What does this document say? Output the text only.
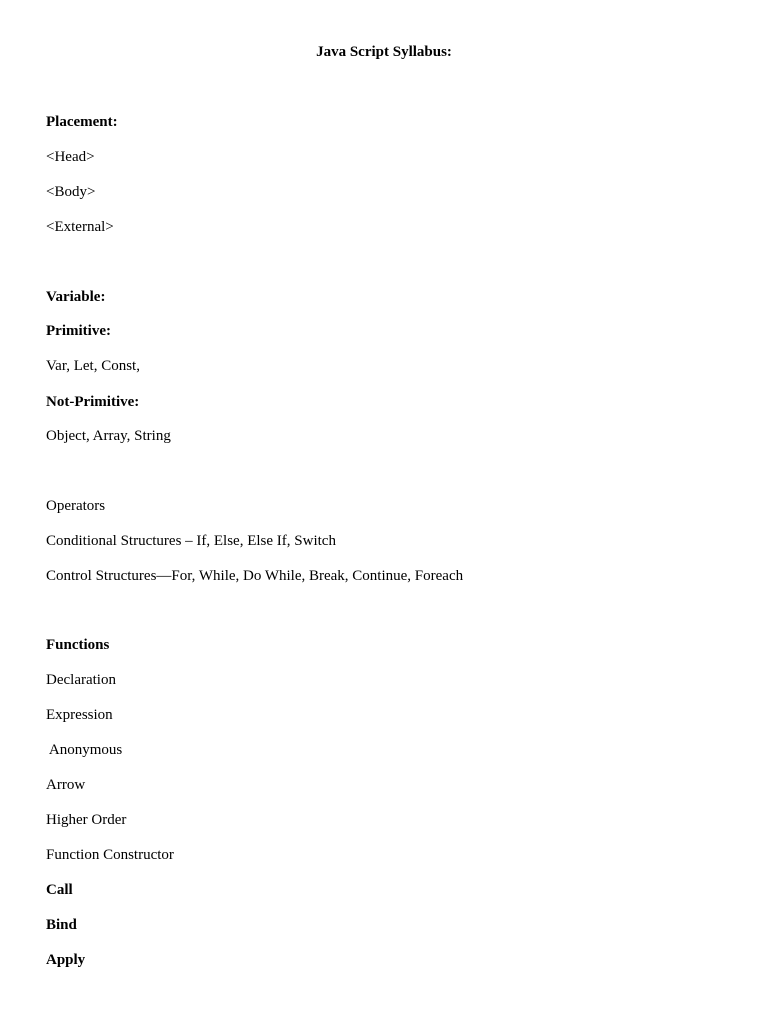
Java Script Syllabus:
Placement:
<Head>
<Body>
<External>
Variable:
Primitive:
Var, Let, Const,
Not-Primitive:
Object, Array, String
Operators
Conditional Structures – If, Else, Else If, Switch
Control Structures—For, While, Do While, Break, Continue, Foreach
Functions
Declaration
Expression
Anonymous
Arrow
Higher Order
Function Constructor
Call
Bind
Apply
